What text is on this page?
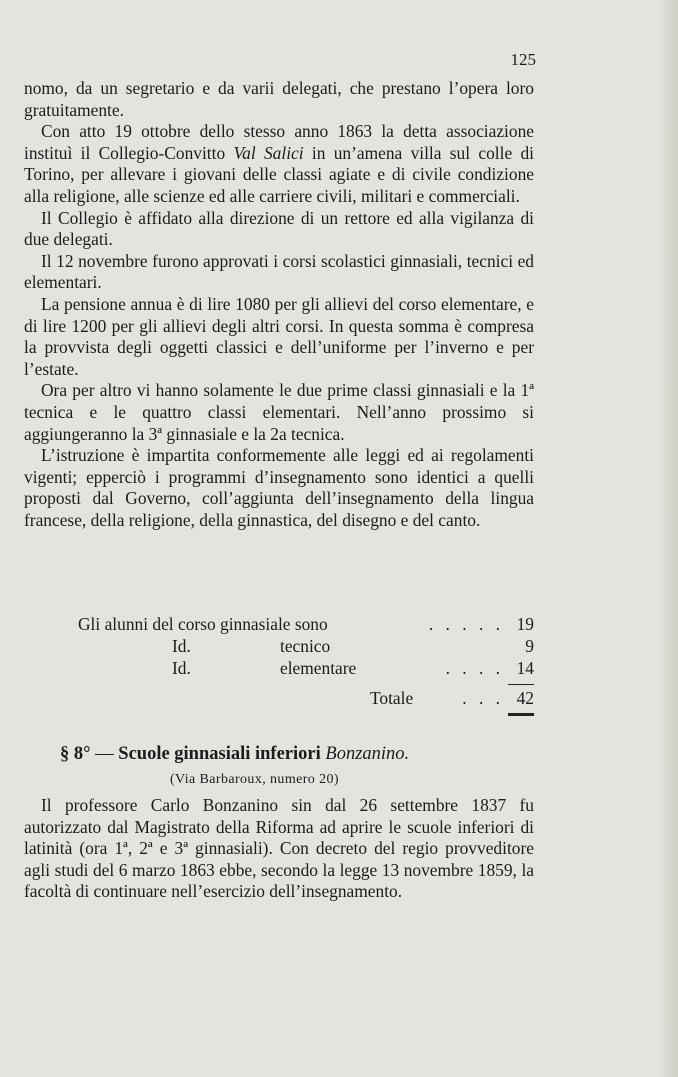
125

nomo, da un segretario e da varii delegati, che prestano l’opera loro gratuitamente.

Con atto 19 ottobre dello stesso anno 1863 la detta associazione instituì il Collegio-Convitto Val Salici in un’amena villa sul colle di Torino, per allevare i giovani delle classi agiate e di civile condizione alla religione, alle scienze ed alle carriere civili, militari e commerciali.

Il Collegio è affidato alla direzione di un rettore ed alla vigilanza di due delegati.

Il 12 novembre furono approvati i corsi scolastici ginnasiali, tecnici ed elementari.

La pensione annua è di lire 1080 per gli allievi del corso elementare, e di lire 1200 per gli allievi degli altri corsi. In questa somma è compresa la provvista degli oggetti classici e dell’uniforme per l’inverno e per l’estate.

Ora per altro vi hanno solamente le due prime classi ginnasiali e la 1ª tecnica e le quattro classi elementari. Nell’anno prossimo si aggiungeranno la 3ª ginnasiale e la 2a tecnica.

L’istruzione è impartita conformemente alle leggi ed ai regolamenti vigenti; epperciò i programmi d’insegnamento sono identici a quelli proposti dal Governo, coll’aggiunta dell’insegnamento della lingua francese, della religione, della ginnastica, del disegno e del canto.

Gli alunni del corso ginnasiale sono	. . . . . 19
Id.	tecnico	9
Id.	elementare	. . . . 14
Totale	. . . 42
§ 8° — Scuole ginnasiali inferiori Bonzanino.
(Via Barbaroux, numero 20)

Il professore Carlo Bonzanino sin dal 26 settembre 1837 fu autorizzato dal Magistrato della Riforma ad aprire le scuole inferiori di latinità (ora 1ª, 2ª e 3ª ginnasiali). Con decreto del regio provveditore agli studi del 6 marzo 1863 ebbe, secondo la legge 13 novembre 1859, la facoltà di continuare nell’esercizio dell’insegnamento.
